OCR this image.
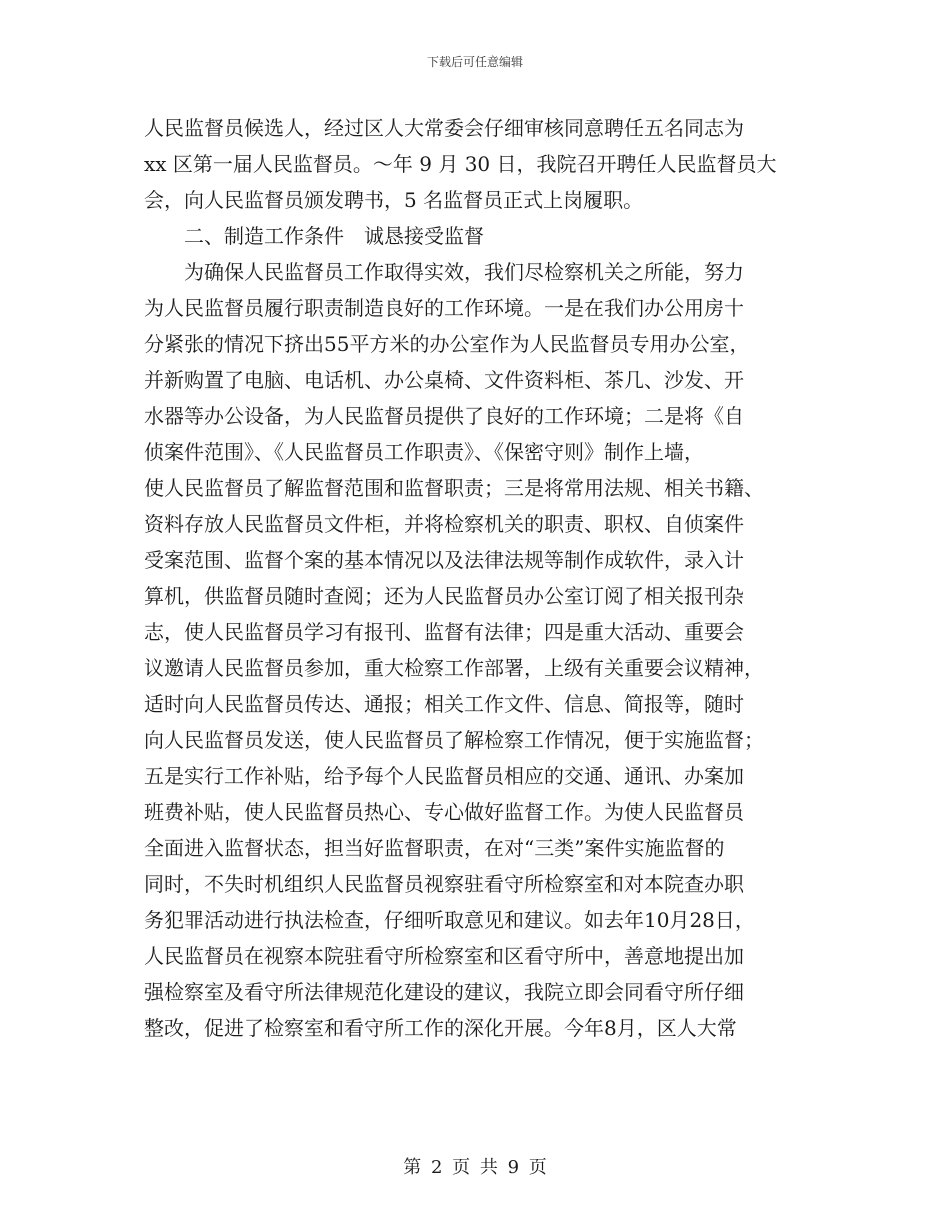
下载后可任意编辑
人民监督员候选人，经过区人大常委会仔细审核同意聘任五名同志为
xx 区第一届人民监督员。～年 9 月 30 日，我院召开聘任人民监督员大
会，向人民监督员颁发聘书，5 名监督员正式上岗履职。
二、制造工作条件　诚恳接受监督
为确保人民监督员工作取得实效，我们尽检察机关之所能，努力
为人民监督员履行职责制造良好的工作环境。一是在我们办公用房十
分紧张的情况下挤出55平方米的办公室作为人民监督员专用办公室，
并新购置了电脑、电话机、办公桌椅、文件资料柜、茶几、沙发、开
水器等办公设备，为人民监督员提供了良好的工作环境；二是将《自
侦案件范围》、《人民监督员工作职责》、《保密守则》制作上墙，
使人民监督员了解监督范围和监督职责；三是将常用法规、相关书籍、
资料存放人民监督员文件柜，并将检察机关的职责、职权、自侦案件
受案范围、监督个案的基本情况以及法律法规等制作成软件，录入计
算机，供监督员随时查阅；还为人民监督员办公室订阅了相关报刊杂
志，使人民监督员学习有报刊、监督有法律；四是重大活动、重要会
议邀请人民监督员参加，重大检察工作部署，上级有关重要会议精神，
适时向人民监督员传达、通报；相关工作文件、信息、简报等，随时
向人民监督员发送，使人民监督员了解检察工作情况，便于实施监督；
五是实行工作补贴，给予每个人民监督员相应的交通、通讯、办案加
班费补贴，使人民监督员热心、专心做好监督工作。为使人民监督员
全面进入监督状态，担当好监督职责，在对“三类”案件实施监督的
同时，不失时机组织人民监督员视察驻看守所检察室和对本院查办职
务犯罪活动进行执法检查，仔细听取意见和建议。如去年10月28日，
人民监督员在视察本院驻看守所检察室和区看守所中，善意地提出加
强检察室及看守所法律规范化建设的建议，我院立即会同看守所仔细
整改，促进了检察室和看守所工作的深化开展。今年8月，区人大常
第 2 页 共 9 页
